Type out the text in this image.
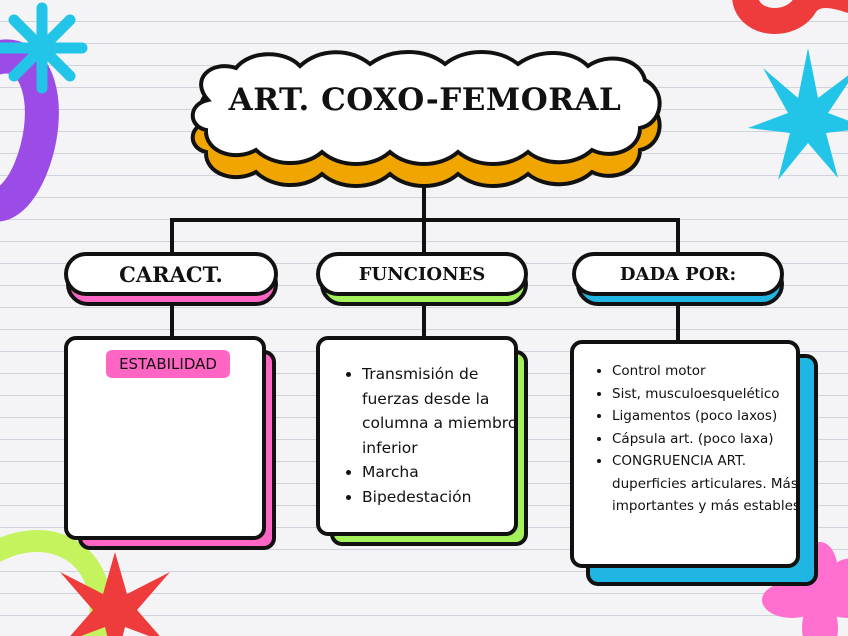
ART. COXO-FEMORAL
CARACT.	FUNCIONES	DADA POR:
ESTABILIDAD
• Transmisión de fuerzas desde la columna a miembro inferior
• Marcha
• Bipedestación
• Control motor
• Sist, musculoesquelético
• Ligamentos (poco laxos)
• Cápsula art. (poco laxa)
• CONGRUENCIA ART. duperficies articulares. Más importantes y más estables
